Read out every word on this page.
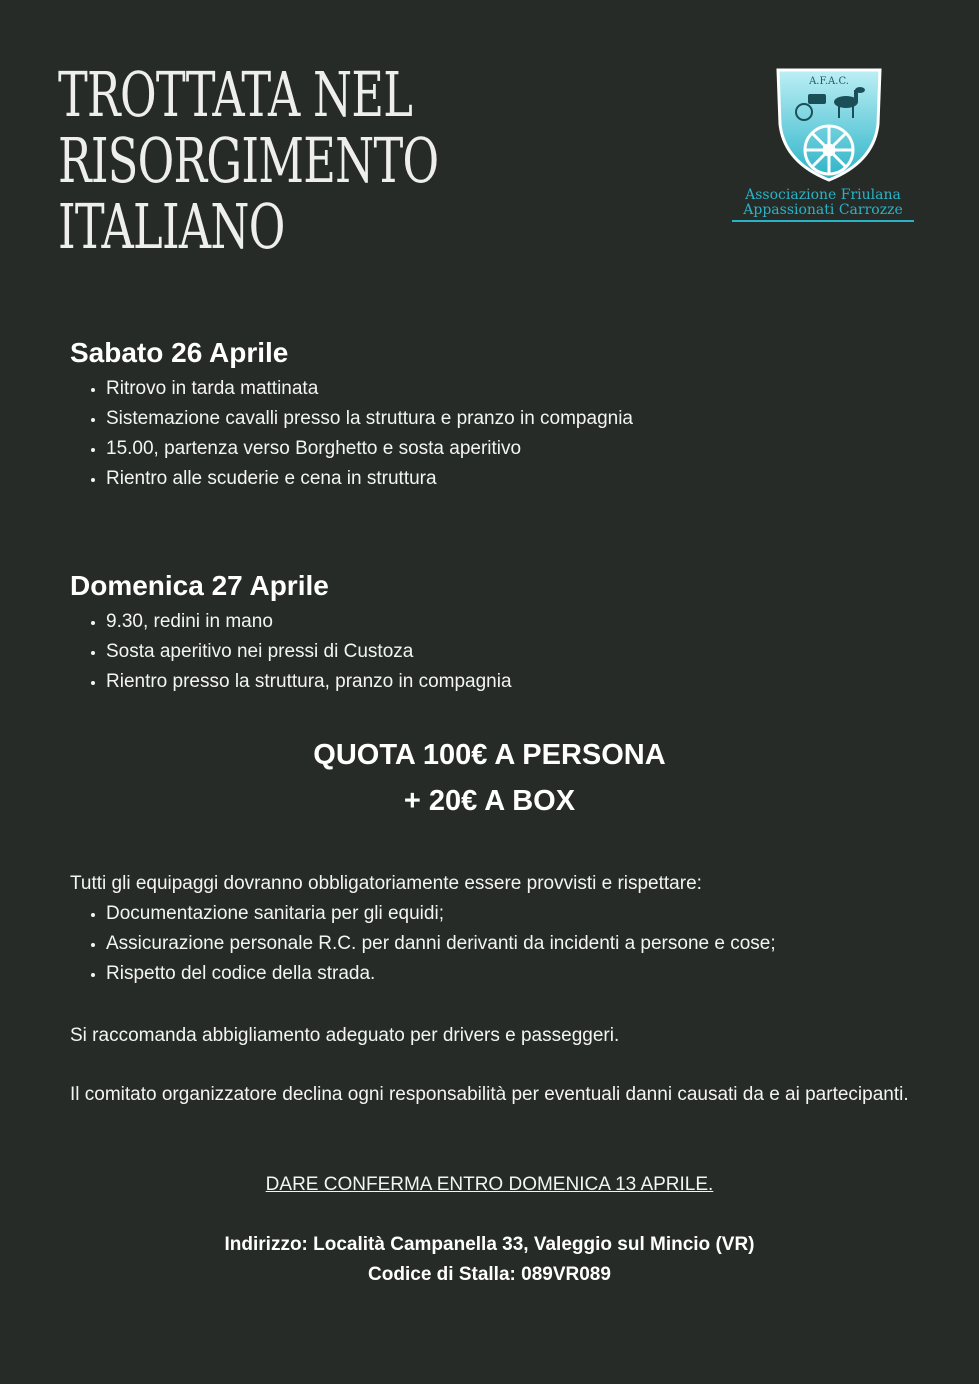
TROTTATA NEL
RISORGIMENTO
ITALIANO
A.F.A.C.
Associazione Friulana
Appassionati Carrozze
Sabato 26 Aprile
• Ritrovo in tarda mattinata
• Sistemazione cavalli presso la struttura e pranzo in compagnia
• 15.00, partenza verso Borghetto e sosta aperitivo
• Rientro alle scuderie e cena in struttura
Domenica 27 Aprile
• 9.30, redini in mano
• Sosta aperitivo nei pressi di Custoza
• Rientro presso la struttura, pranzo in compagnia
QUOTA 100€ A PERSONA
+ 20€ A BOX
Tutti gli equipaggi dovranno obbligatoriamente essere provvisti e rispettare:
• Documentazione sanitaria per gli equidi;
• Assicurazione personale R.C. per danni derivanti da incidenti a persone e cose;
• Rispetto del codice della strada.

Si raccomanda abbigliamento adeguato per drivers e passeggeri.

Il comitato organizzatore declina ogni responsabilità per eventuali danni causati da e ai partecipanti.

DARE CONFERMA ENTRO DOMENICA 13 APRILE.
Indirizzo: Località Campanella 33, Valeggio sul Mincio (VR)
Codice di Stalla: 089VR089
